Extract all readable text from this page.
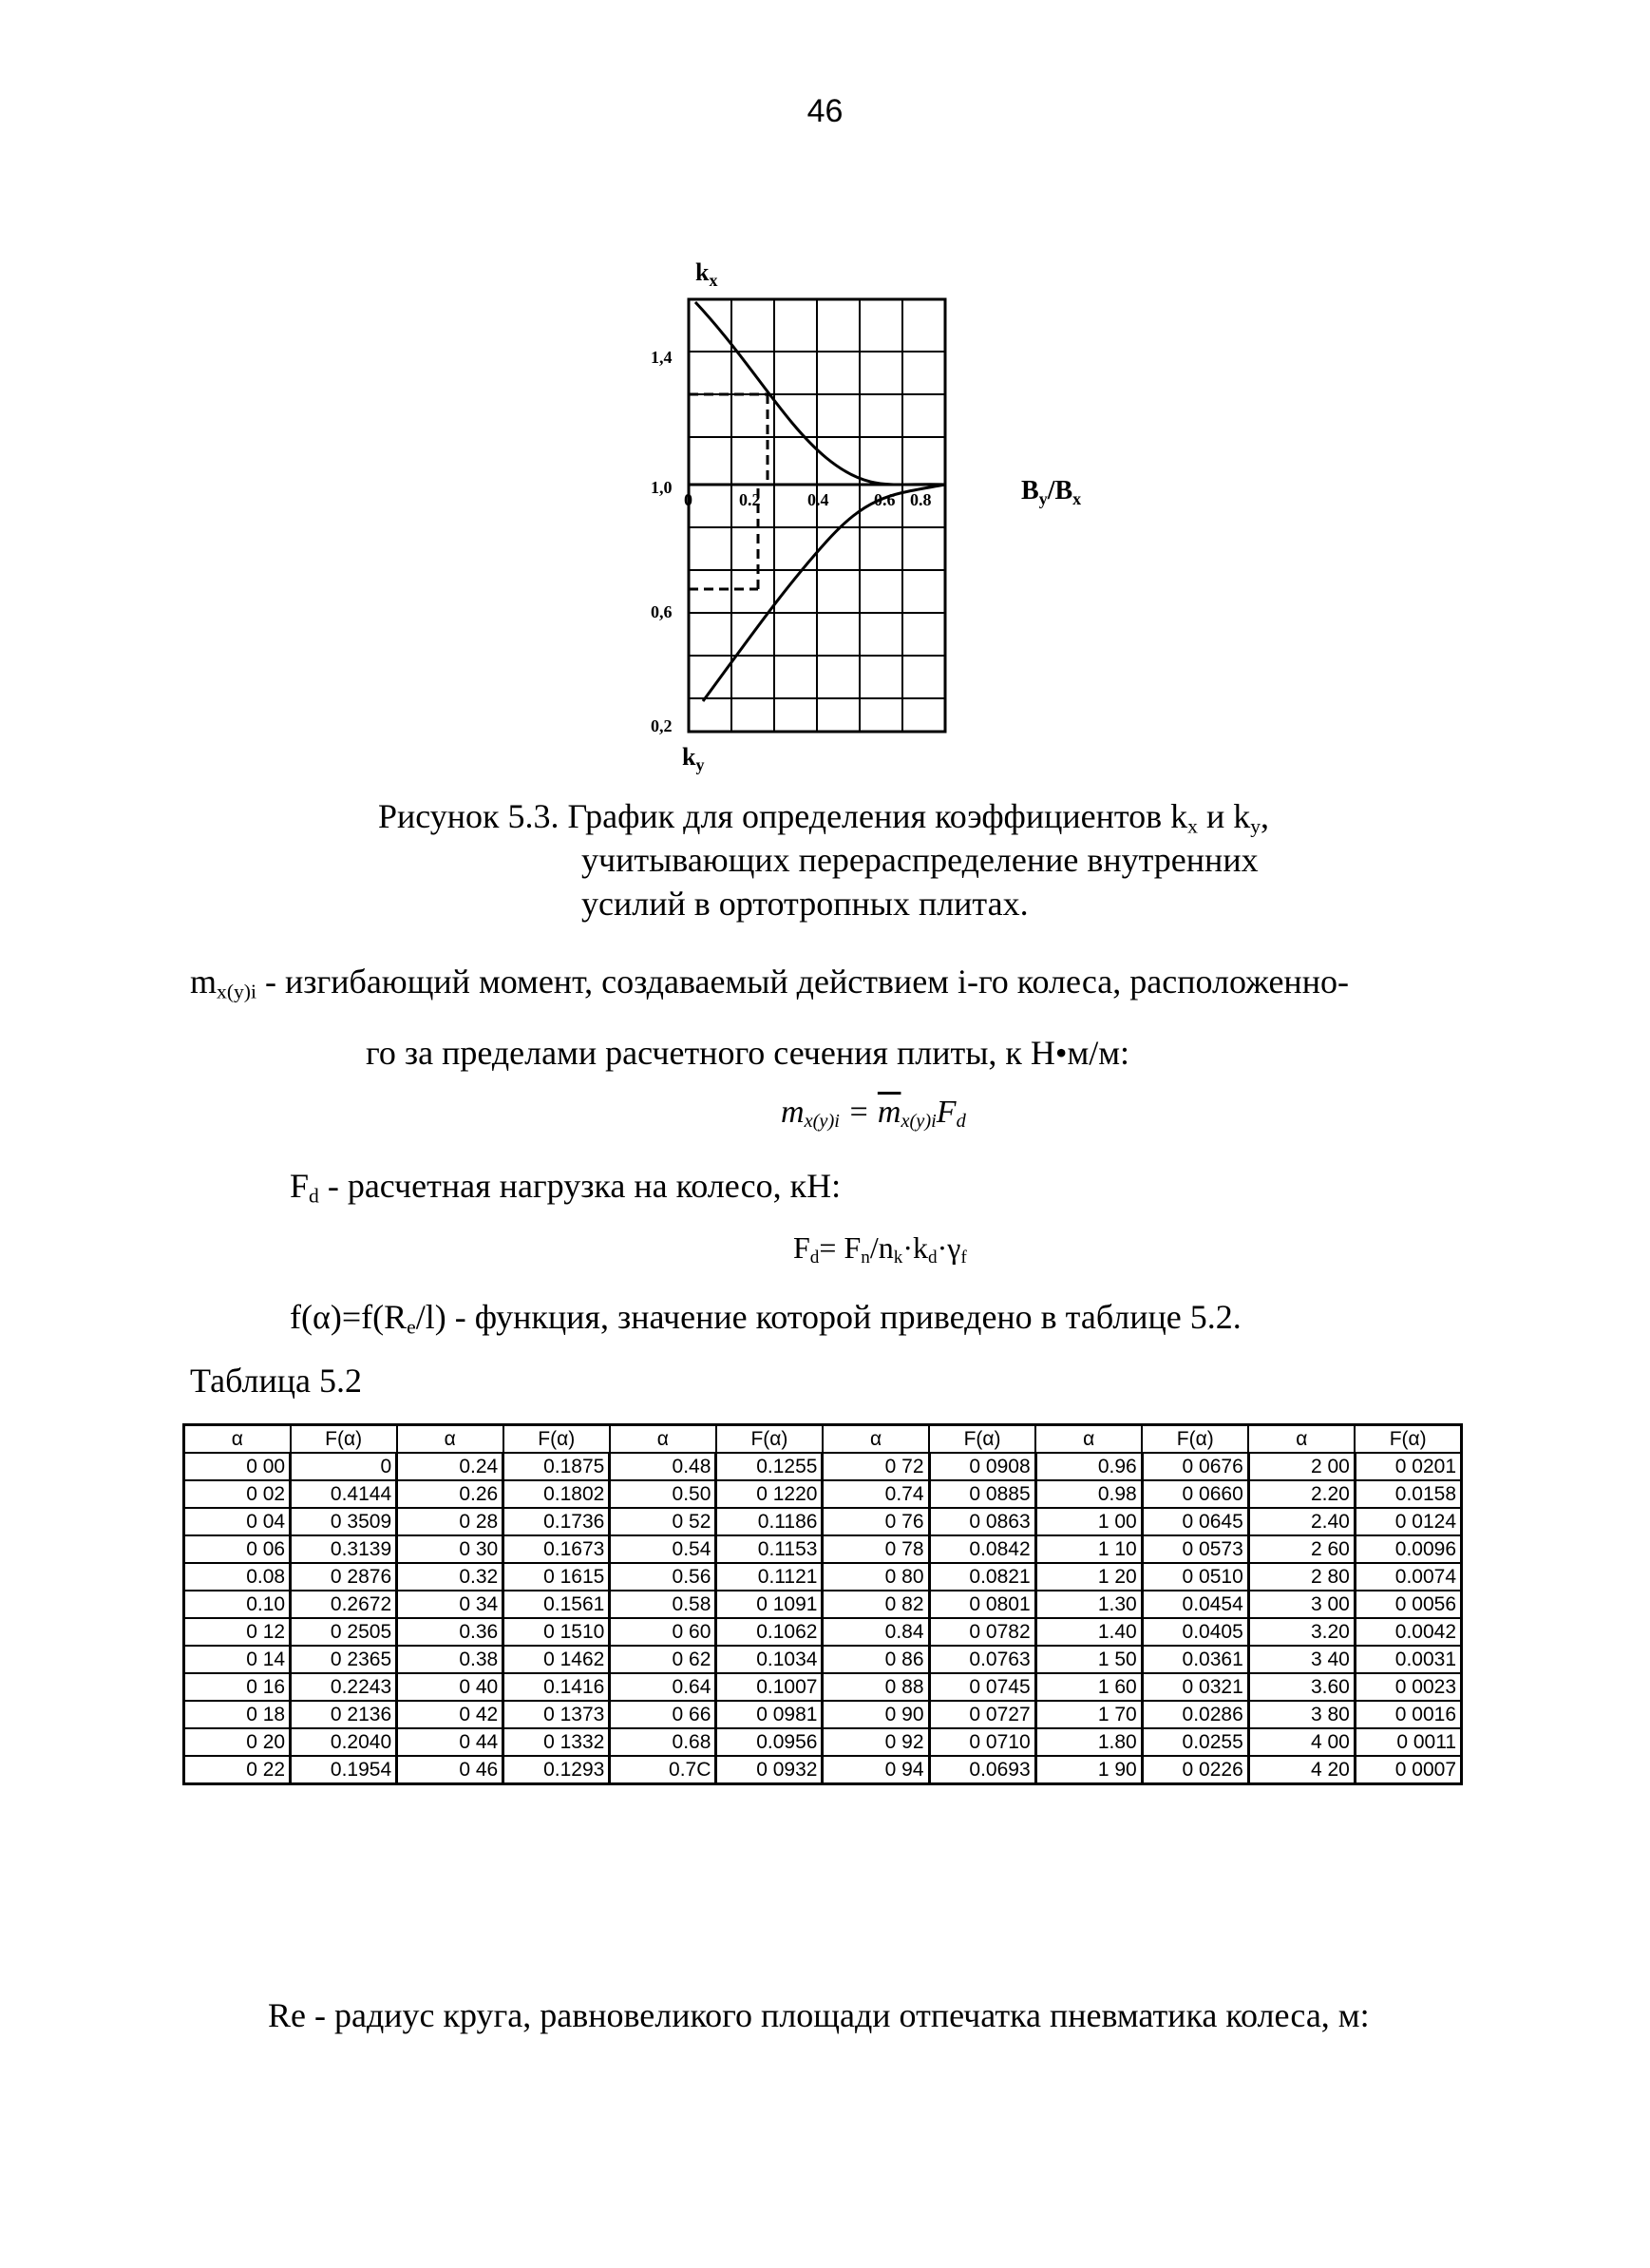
46
$k_x$
$k_y$
$B_y/B_x$
1,4
1,0
0,6
0,2
0	0.2	0.4	0.6 0.8
Рисунок 5.3. График для определения коэффициентов $k_x$ и $k_y$,
учитывающих перераспределение внутренних
усилий в ортотропных плитах.
$m_{x(y)i}$ - изгибающий момент, создаваемый действием i-го колеса, расположенно-
го за пределами расчетного сечения плиты, к Н•м/м:
$m_{x(y)i} = \overline{m}_{x(y)i}F_d$
$F_d$ - расчетная нагрузка на колесо, кН:
$F_d= F_n/n_k\cdot k_d\cdot\gamma_f$
$f(\alpha)=f(R_e/l)$ - функция, значение которой приведено в таблице 5.2.
Таблица 5.2
α	F(α)	α	F(α)	α	F(α)	α	F(α)	α	F(α)	α	F(α)
0 00	0	0.24	0.1875	0.48	0.1255	0 72	0 0908	0.96	0 0676	2 00	0 0201
0 02	0.4144	0.26	0.1802	0.50	0 1220	0.74	0 0885	0.98	0 0660	2.20	0.0158
0 04	0 3509	0 28	0.1736	0 52	0.1186	0 76	0 0863	1 00	0 0645	2.40	0 0124
0 06	0.3139	0 30	0.1673	0.54	0.1153	0 78	0.0842	1 10	0 0573	2 60	0.0096
0.08	0 2876	0.32	0 1615	0.56	0.1121	0 80	0.0821	1 20	0 0510	2 80	0.0074
0.10	0.2672	0 34	0.1561	0.58	0 1091	0 82	0 0801	1.30	0.0454	3 00	0 0056
0 12	0 2505	0.36	0 1510	0 60	0.1062	0.84	0 0782	1.40	0.0405	3.20	0.0042
0 14	0 2365	0.38	0 1462	0 62	0.1034	0 86	0.0763	1 50	0.0361	3 40	0.0031
0 16	0.2243	0 40	0.1416	0.64	0.1007	0 88	0 0745	1 60	0 0321	3.60	0 0023
0 18	0 2136	0 42	0 1373	0 66	0 0981	0 90	0 0727	1 70	0.0286	3 80	0 0016
0 20	0.2040	0 44	0 1332	0.68	0.0956	0 92	0 0710	1.80	0.0255	4 00	0 0011
0 22	0.1954	0 46	0.1293	0.7C	0 0932	0 94	0.0693	1 90	0 0226	4 20	0 0007
Re - радиус круга, равновеликого площади отпечатка пневматика колеса, м:
